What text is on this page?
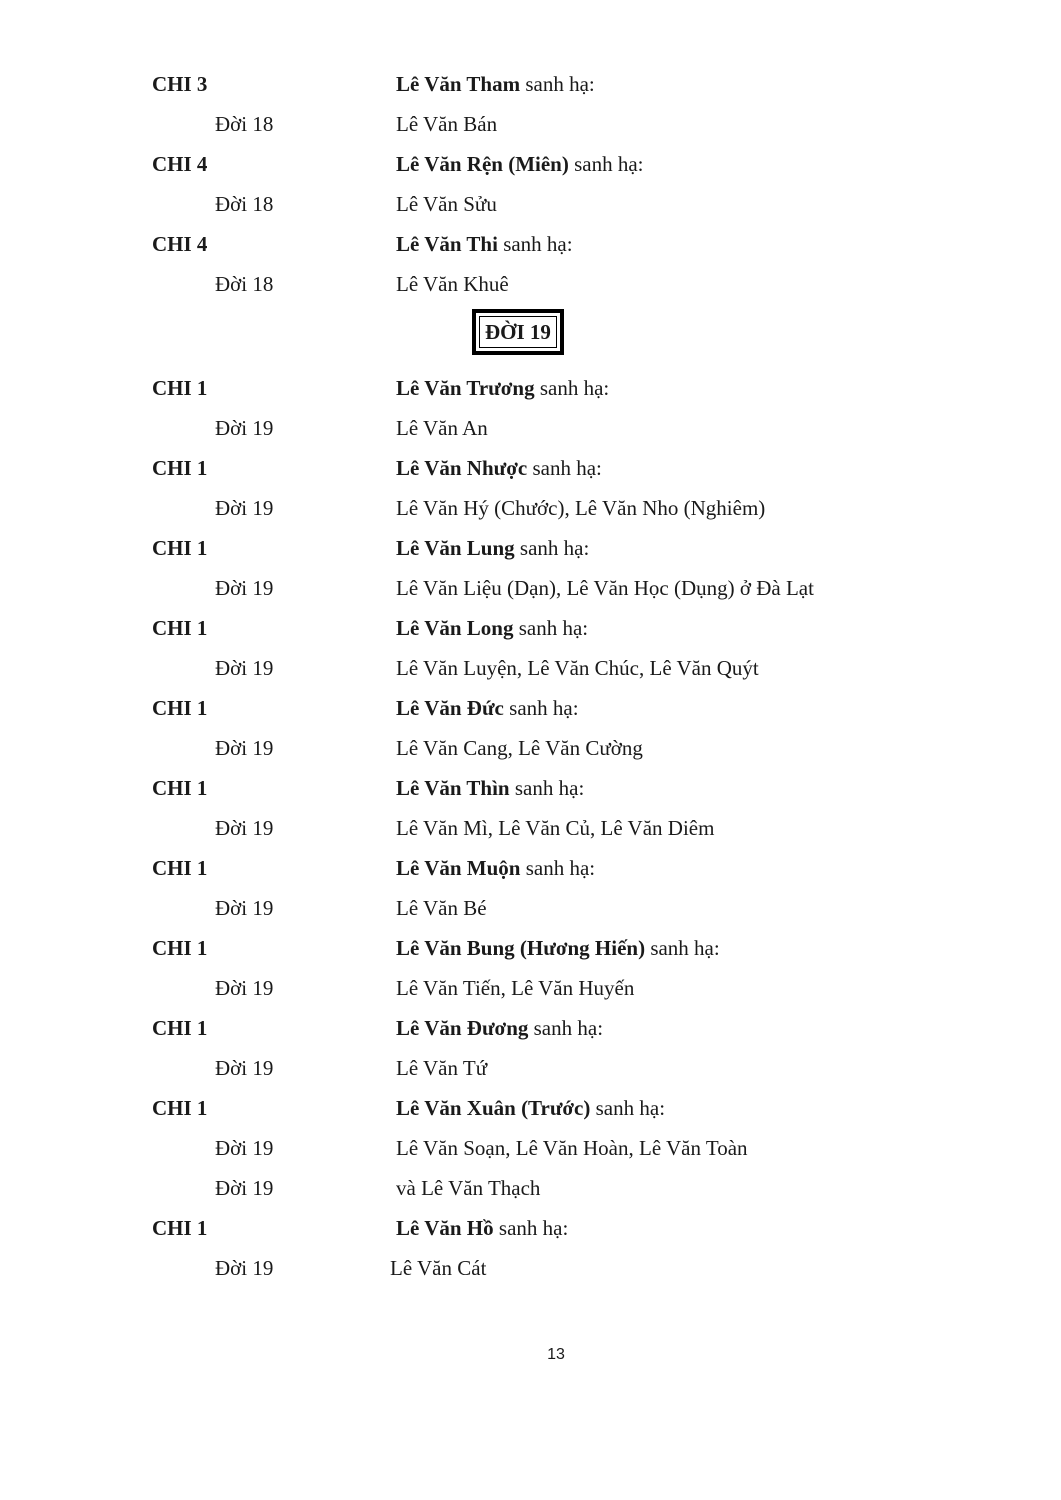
CHI 3	Lê Văn Tham sanh hạ:
Đời 18	Lê Văn Bán
CHI 4	Lê Văn Rện (Miên) sanh hạ:
Đời 18	Lê Văn Sửu
CHI 4	Lê Văn Thi sanh hạ:
Đời 18	Lê Văn Khuê
ĐỜI 19
CHI 1	Lê Văn Trương sanh hạ:
Đời 19	Lê Văn An
CHI 1	Lê Văn Nhược sanh hạ:
Đời 19	Lê Văn Hý (Chước), Lê Văn Nho (Nghiêm)
CHI 1	Lê Văn Lung sanh hạ:
Đời 19	Lê Văn Liệu (Dạn), Lê Văn Học (Dụng) ở Đà Lạt
CHI 1	Lê Văn Long sanh hạ:
Đời 19	Lê Văn Luyện, Lê Văn Chúc, Lê Văn Quýt
CHI 1	Lê Văn Đức sanh hạ:
Đời 19	Lê Văn Cang, Lê Văn Cường
CHI 1	Lê Văn Thìn sanh hạ:
Đời 19	Lê Văn Mì, Lê Văn Củ, Lê Văn Diêm
CHI 1	Lê Văn Muộn sanh hạ:
Đời 19	Lê Văn Bé
CHI 1	Lê Văn Bung (Hương Hiến) sanh hạ:
Đời 19	Lê Văn Tiến, Lê Văn Huyến
CHI 1	Lê Văn Đương sanh hạ:
Đời 19	Lê Văn Tứ
CHI 1	Lê Văn Xuân (Trước) sanh hạ:
Đời 19	Lê Văn Soạn, Lê Văn Hoàn, Lê Văn Toàn
Đời 19	và Lê Văn Thạch
CHI 1	Lê Văn Hồ sanh hạ:
Đời 19	Lê Văn Cát
13
